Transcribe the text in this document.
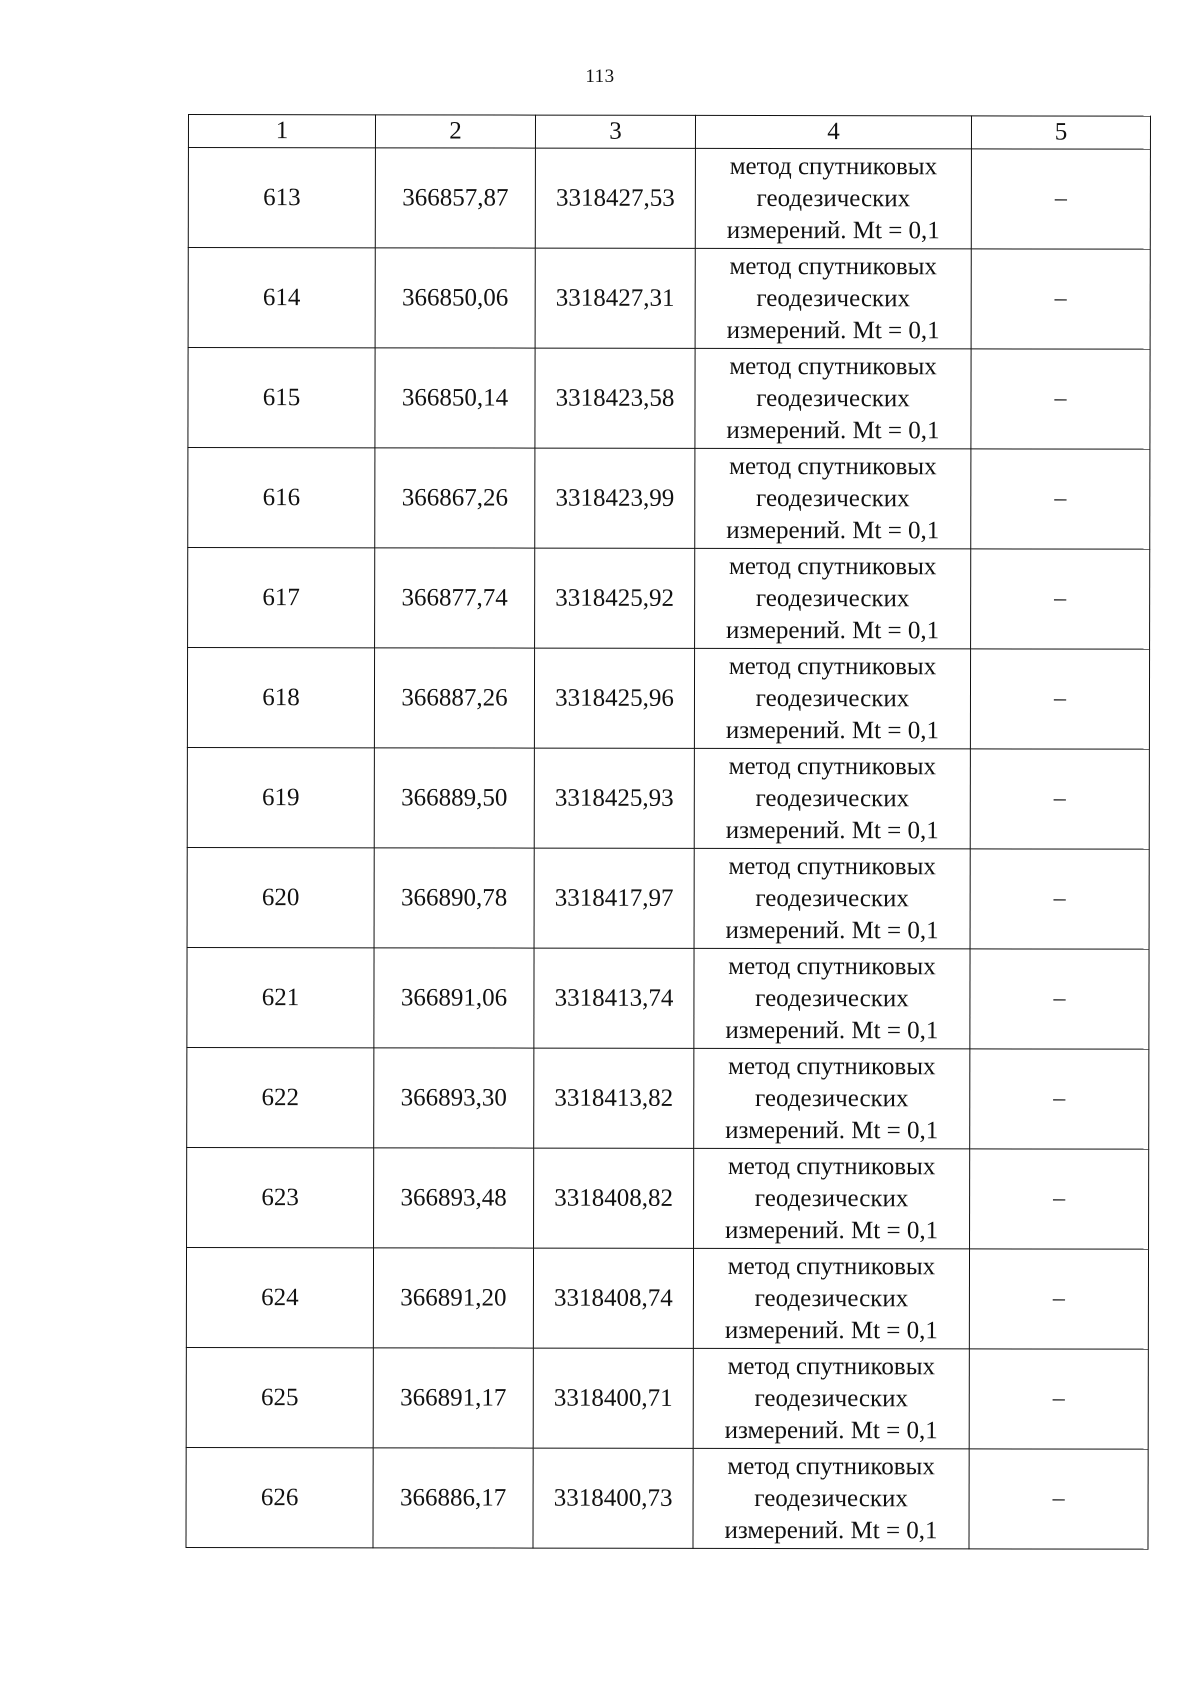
113
1	2	3	4	5
613	366857,87	3318427,53	метод спутниковых
геодезических
измерений. Mt = 0,1	–
614	366850,06	3318427,31	метод спутниковых
геодезических
измерений. Mt = 0,1	–
615	366850,14	3318423,58	метод спутниковых
геодезических
измерений. Mt = 0,1	–
616	366867,26	3318423,99	метод спутниковых
геодезических
измерений. Mt = 0,1	–
617	366877,74	3318425,92	метод спутниковых
геодезических
измерений. Mt = 0,1	–
618	366887,26	3318425,96	метод спутниковых
геодезических
измерений. Mt = 0,1	–
619	366889,50	3318425,93	метод спутниковых
геодезических
измерений. Mt = 0,1	–
620	366890,78	3318417,97	метод спутниковых
геодезических
измерений. Mt = 0,1	–
621	366891,06	3318413,74	метод спутниковых
геодезических
измерений. Mt = 0,1	–
622	366893,30	3318413,82	метод спутниковых
геодезических
измерений. Mt = 0,1	–
623	366893,48	3318408,82	метод спутниковых
геодезических
измерений. Mt = 0,1	–
624	366891,20	3318408,74	метод спутниковых
геодезических
измерений. Mt = 0,1	–
625	366891,17	3318400,71	метод спутниковых
геодезических
измерений. Mt = 0,1	–
626	366886,17	3318400,73	метод спутниковых
геодезических
измерений. Mt = 0,1	–
